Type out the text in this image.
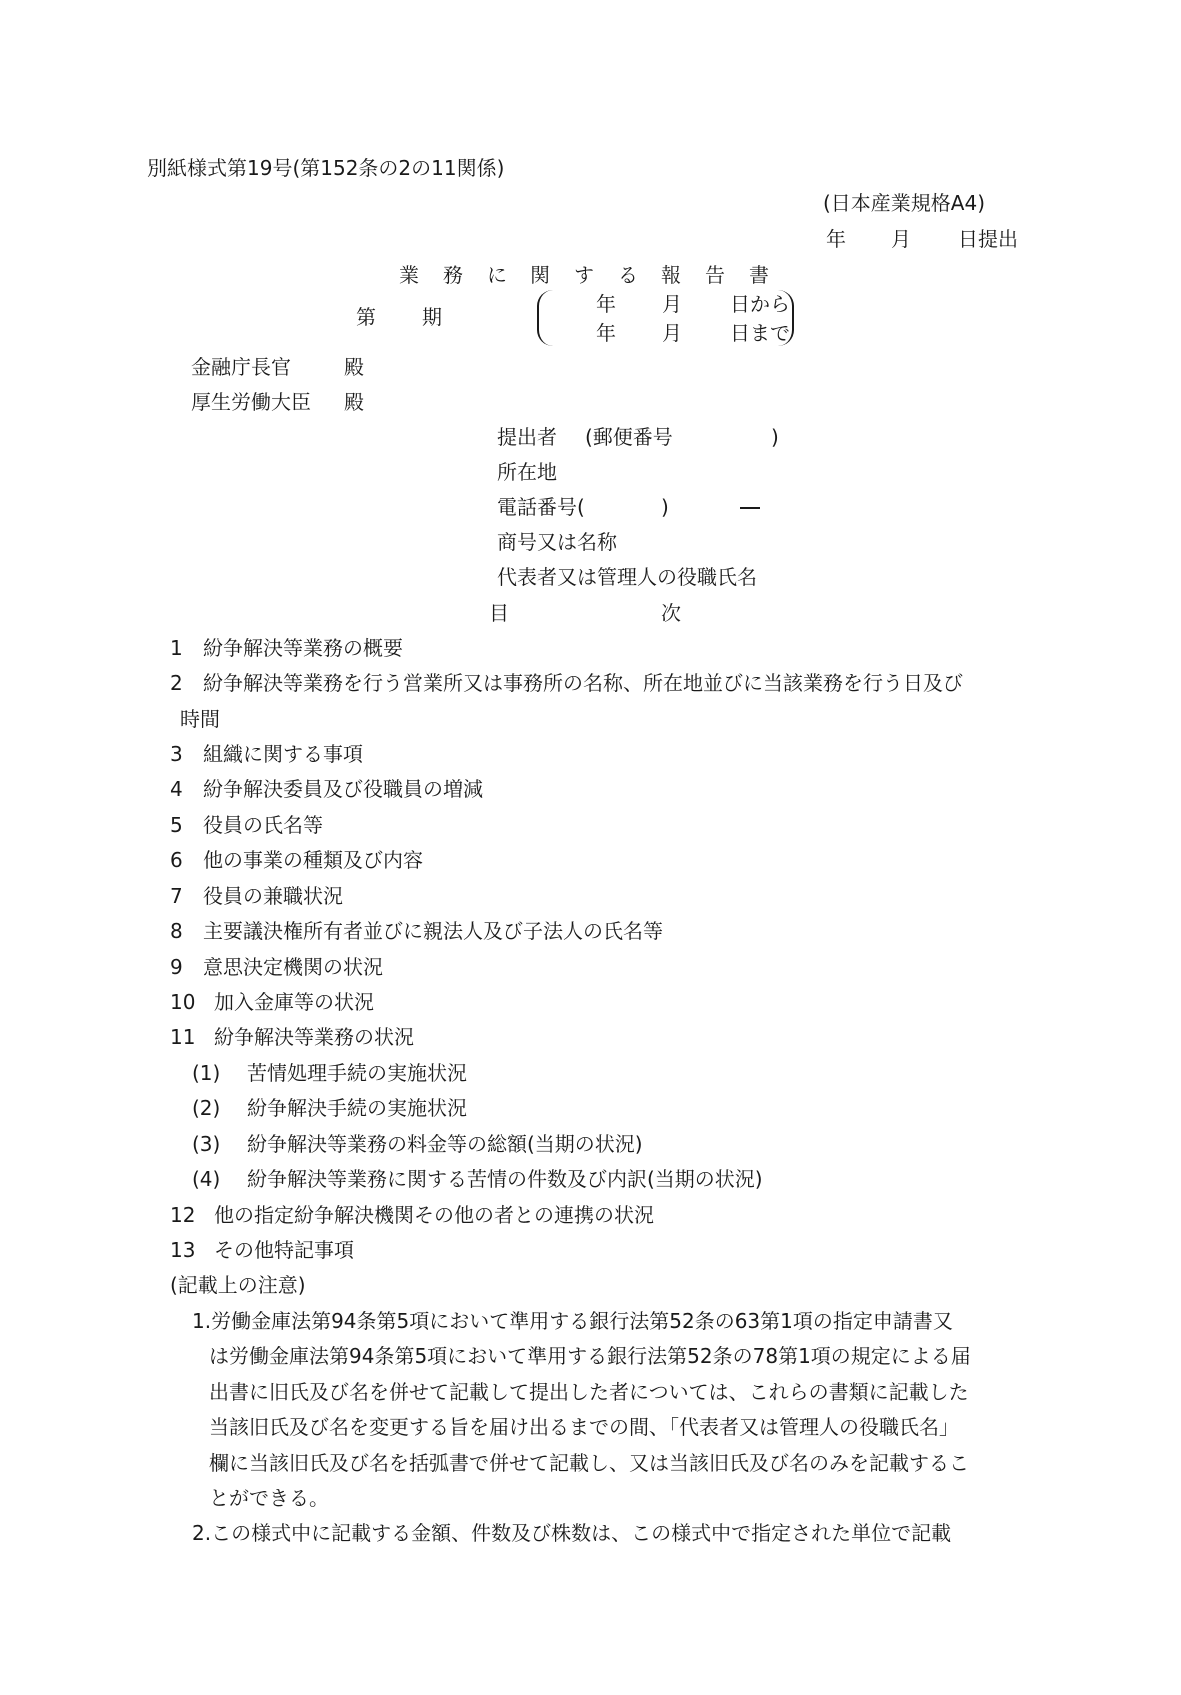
別紙様式第19号(第152条の2の11関係)
(日本産業規格A4)
年 月 日提出
業 務 に 関 す る 報 告 書
第 期
年 月 日から
年 月 日まで
金融庁長官	殿
厚生労働大臣 殿
提出者 (郵便番号	)
所在地
電話番号(	)
商号又は名称
代表者又は管理人の役職氏名
目	次
1 紛争解決等業務の概要
2 紛争解決等業務を行う営業所又は事務所の名称、所在地並びに当該業務を行う日及び
時間
3 組織に関する事項
4 紛争解決委員及び役職員の増減
5 役員の氏名等
6 他の事業の種類及び内容
7 役員の兼職状況
8 主要議決権所有者並びに親法人及び子法人の氏名等
9 意思決定機関の状況
10 加入金庫等の状況
11 紛争解決等業務の状況
(1) 苦情処理手続の実施状況
(2) 紛争解決手続の実施状況
(3) 紛争解決等業務の料金等の総額(当期の状況)
(4) 紛争解決等業務に関する苦情の件数及び内訳(当期の状況)
12 他の指定紛争解決機関その他の者との連携の状況
13 その他特記事項
(記載上の注意)
1.労働金庫法第94条第5項において準用する銀行法第52条の63第1項の指定申請書又
は労働金庫法第94条第5項において準用する銀行法第52条の78第1項の規定による届
出書に旧氏及び名を併せて記載して提出した者については、これらの書類に記載した
当該旧氏及び名を変更する旨を届け出るまでの間、「代表者又は管理人の役職氏名」
欄に当該旧氏及び名を括弧書で併せて記載し、又は当該旧氏及び名のみを記載するこ
とができる。
2.この様式中に記載する金額、件数及び株数は、この様式中で指定された単位で記載
